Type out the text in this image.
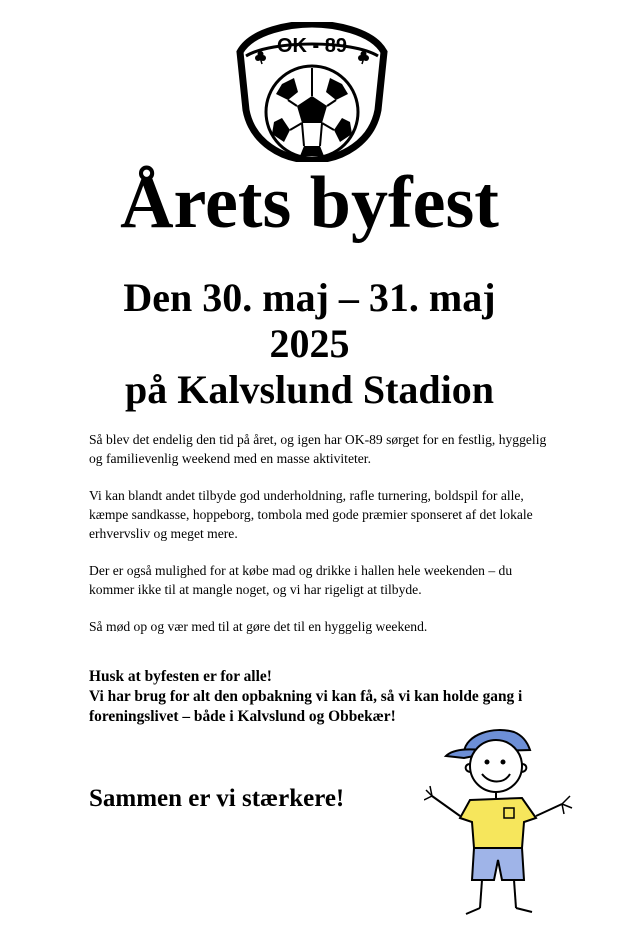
OK - 89
Årets byfest
Den 30. maj – 31. maj
2025
på Kalvslund Stadion

Så blev det endelig den tid på året, og igen har OK-89 sørget for en festlig, hyggelig og familievenlig weekend med en masse aktiviteter.

Vi kan blandt andet tilbyde god underholdning, rafle turnering, boldspil for alle, kæmpe sandkasse, hoppeborg, tombola med gode præmier sponseret af det lokale erhvervsliv og meget mere.

Der er også mulighed for at købe mad og drikke i hallen hele weekenden – du kommer ikke til at mangle noget, og vi har rigeligt at tilbyde.

Så mød op og vær med til at gøre det til en hyggelig weekend.

Husk at byfesten er for alle!
Vi har brug for alt den opbakning vi kan få, så vi kan holde gang i foreningslivet – både i Kalvslund og Obbekær!
Sammen er vi stærkere!
